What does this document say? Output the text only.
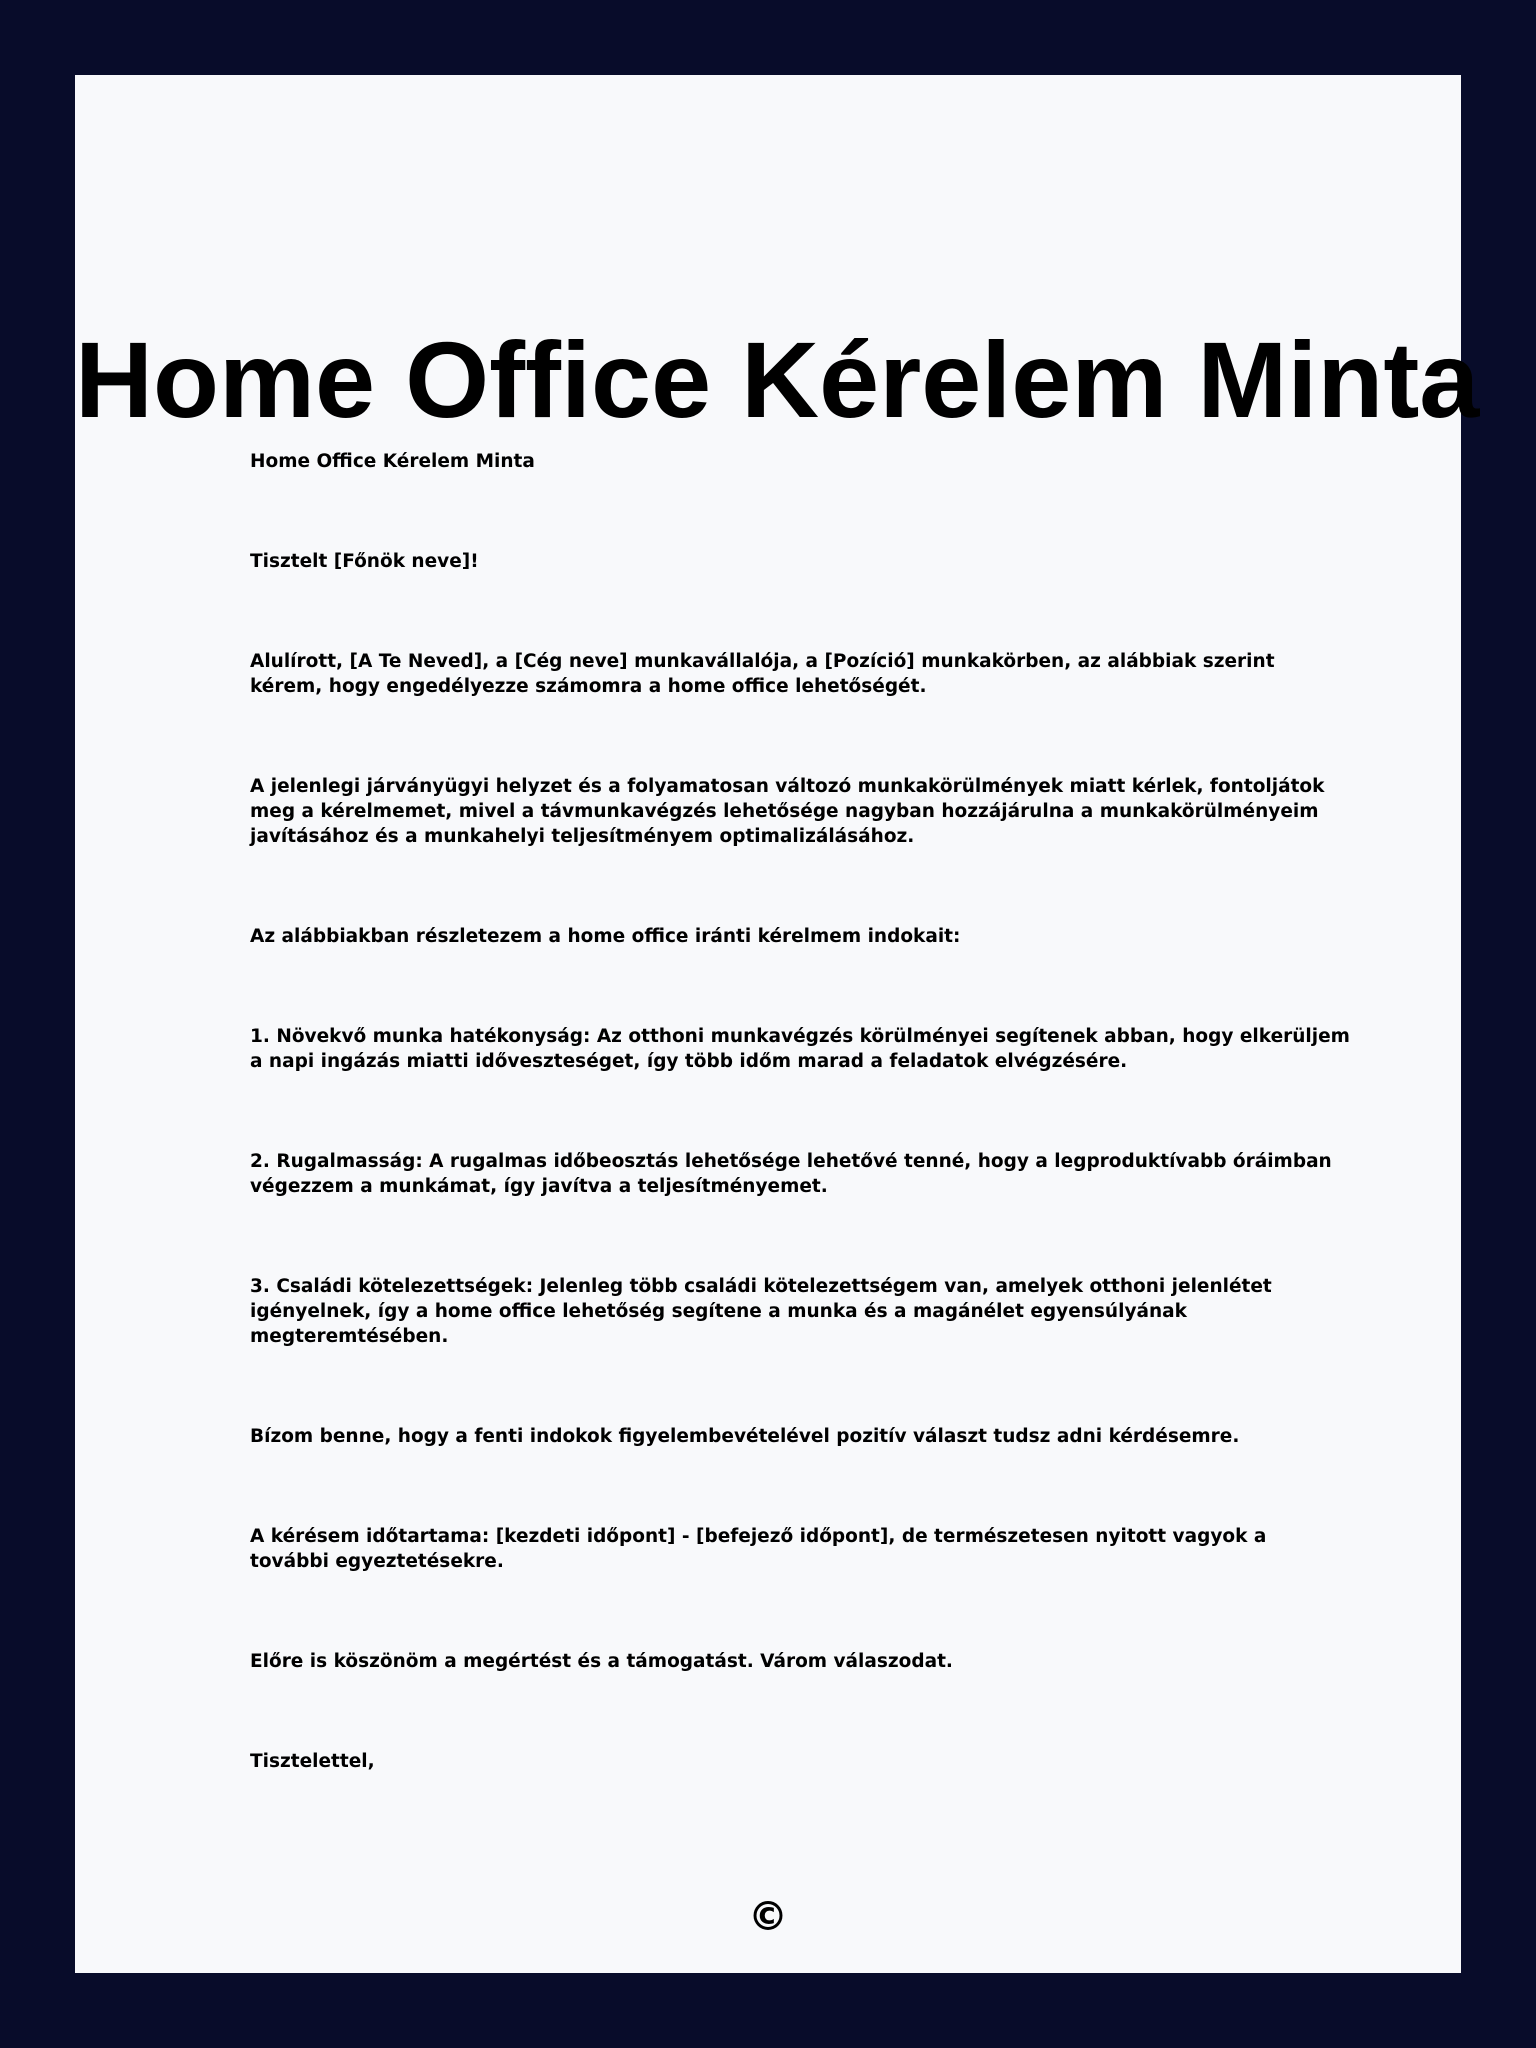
Home Office Kérelem Minta

Home Office Kérelem Minta

Tisztelt [Főnök neve]!

Alulírott, [A Te Neved], a [Cég neve] munkavállalója, a [Pozíció] munkakörben, az alábbiak szerint kérem, hogy engedélyezze számomra a home office lehetőségét.

A jelenlegi járványügyi helyzet és a folyamatosan változó munkakörülmények miatt kérlek, fontoljátok meg a kérelmemet, mivel a távmunkavégzés lehetősége nagyban hozzájárulna a munkakörülményeim javításához és a munkahelyi teljesítményem optimalizálásához.

Az alábbiakban részletezem a home office iránti kérelmem indokait:

1. Növekvő munka hatékonyság: Az otthoni munkavégzés körülményei segítenek abban, hogy elkerüljem a napi ingázás miatti időveszteséget, így több időm marad a feladatok elvégzésére.

2. Rugalmasság: A rugalmas időbeosztás lehetősége lehetővé tenné, hogy a legproduktívabb óráimban végezzem a munkámat, így javítva a teljesítményemet.

3. Családi kötelezettségek: Jelenleg több családi kötelezettségem van, amelyek otthoni jelenlétet igényelnek, így a home office lehetőség segítene a munka és a magánélet egyensúlyának megteremtésében.

Bízom benne, hogy a fenti indokok figyelembevételével pozitív választ tudsz adni kérdésemre.

A kérésem időtartama: [kezdeti időpont] - [befejező időpont], de természetesen nyitott vagyok a további egyeztetésekre.

Előre is köszönöm a megértést és a támogatást. Várom válaszodat.

Tisztelettel,

©
